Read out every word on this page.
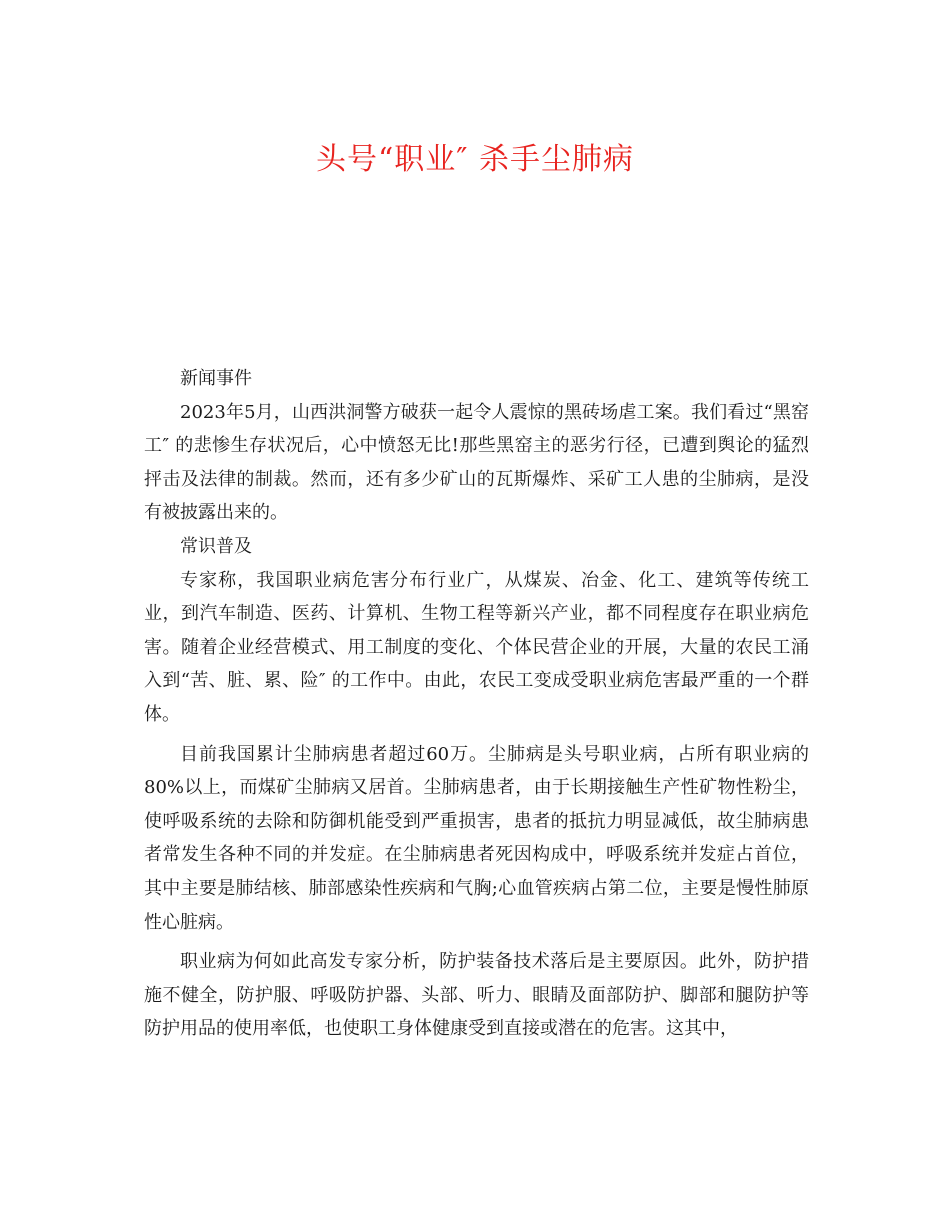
头号“职业″ 杀手尘肺病

新闻事件

2023年5月，山西洪洞警方破获一起令人震惊的黑砖场虐工案。我们看过“黑窑工″ 的悲惨生存状况后，心中愤怒无比!那些黑窑主的恶劣行径，已遭到舆论的猛烈抨击及法律的制裁。然而，还有多少矿山的瓦斯爆炸、采矿工人患的尘肺病，是没有被披露出来的。

常识普及

专家称，我国职业病危害分布行业广，从煤炭、冶金、化工、建筑等传统工业，到汽车制造、医药、计算机、生物工程等新兴产业，都不同程度存在职业病危害。随着企业经营模式、用工制度的变化、个体民营企业的开展，大量的农民工涌入到“苦、脏、累、险″ 的工作中。由此，农民工变成受职业病危害最严重的一个群体。

目前我国累计尘肺病患者超过60万。尘肺病是头号职业病，占所有职业病的80%以上，而煤矿尘肺病又居首。尘肺病患者，由于长期接触生产性矿物性粉尘，使呼吸系统的去除和防御机能受到严重损害，患者的抵抗力明显减低，故尘肺病患者常发生各种不同的并发症。在尘肺病患者死因构成中，呼吸系统并发症占首位，其中主要是肺结核、肺部感染性疾病和气胸;心血管疾病占第二位，主要是慢性肺原性心脏病。

职业病为何如此高发专家分析，防护装备技术落后是主要原因。此外，防护措施不健全，防护服、呼吸防护器、头部、听力、眼睛及面部防护、脚部和腿防护等防护用品的使用率低，也使职工身体健康受到直接或潜在的危害。这其中，
